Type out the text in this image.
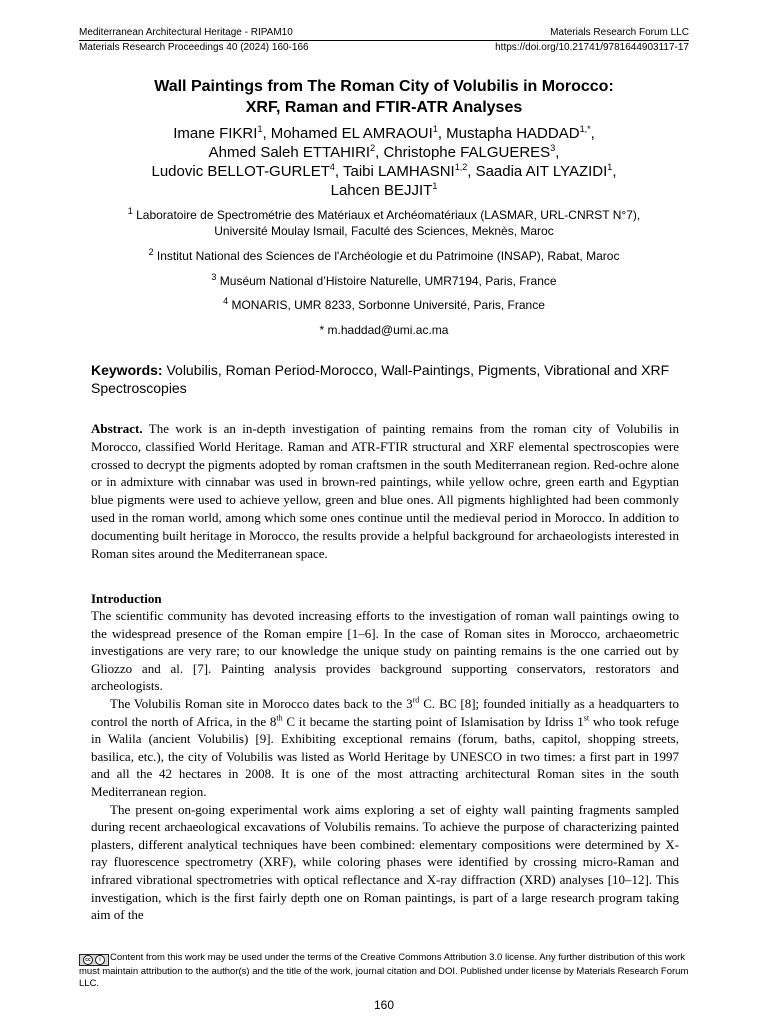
Mediterranean Architectural Heritage - RIPAM10	Materials Research Forum LLC
Materials Research Proceedings 40 (2024) 160-166	https://doi.org/10.21741/9781644903117-17
Wall Paintings from The Roman City of Volubilis in Morocco:
XRF, Raman and FTIR-ATR Analyses
Imane FIKRI$^1$, Mohamed EL AMRAOUI$^1$, Mustapha $HADDAD^{1,*}$,
Ahmed Saleh ETTAHIRI$^2$, Christophe FALGUERES$^3$,
Ludovic BELLOT-GURLET$^4$, Taibi LAMHASNI$^{1,2}$, Saadia AIT LYAZIDI$^1$,
Lahcen BEJJIT$^1$
$^1$ Laboratoire de Spectrométrie des Matériaux et Archéomatériaux (LASMAR, URL-CNRST N°7), Université Moulay Ismail, Faculté des Sciences, Meknès, Maroc
$^2$ Institut National des Sciences de l'Archéologie et du Patrimoine (INSAP), Rabat, Maroc
$^3$ Muséum National d’Histoire Naturelle, UMR7194, Paris, France
$^4$ MONARIS, UMR 8233, Sorbonne Université, Paris, France
* m.haddad@umi.ac.ma
Keywords: Volubilis, Roman Period-Morocco, Wall-Paintings, Pigments, Vibrational and XRF Spectroscopies
Abstract. The work is an in-depth investigation of painting remains from the roman city of Volubilis in Morocco, classified World Heritage. Raman and ATR-FTIR structural and XRF elemental spectroscopies were crossed to decrypt the pigments adopted by roman craftsmen in the south Mediterranean region. Red-ochre alone or in admixture with cinnabar was used in brown-red paintings, while yellow ochre, green earth and Egyptian blue pigments were used to achieve yellow, green and blue ones. All pigments highlighted had been commonly used in the roman world, among which some ones continue until the medieval period in Morocco. In addition to documenting built heritage in Morocco, the results provide a helpful background for archaeologists interested in Roman sites around the Mediterranean space.
Introduction

The scientific community has devoted increasing efforts to the investigation of roman wall paintings owing to the widespread presence of the Roman empire [1–6]. In the case of Roman sites in Morocco, archaeometric investigations are very rare; to our knowledge the unique study on painting remains is the one carried out by Gliozzo and al. [7]. Painting analysis provides background supporting conservators, restorators and archeologists.

The Volubilis Roman site in Morocco dates back to the 3rd C. BC [8]; founded initially as a headquarters to control the north of Africa, in the 8th C it became the starting point of Islamisation by Idriss 1st who took refuge in Walila (ancient Volubilis) [9]. Exhibiting exceptional remains (forum, baths, capitol, shopping streets, basilica, etc.), the city of Volubilis was listed as World Heritage by UNESCO in two times: a first part in 1997 and all the 42 hectares in 2008. It is one of the most attracting architectural Roman sites in the south Mediterranean region.

The present on-going experimental work aims exploring a set of eighty wall painting fragments sampled during recent archaeological excavations of Volubilis remains. To achieve the purpose of characterizing painted plasters, different analytical techniques have been combined: elementary compositions were determined by X-ray fluorescence spectrometry (XRF), while coloring phases were identified by crossing micro-Raman and infrared vibrational spectrometries with optical reflectance and X-ray diffraction (XRD) analyses [10–12]. This investigation, which is the first fairly depth one on Roman paintings, is part of a large research program taking aim of the

cc	i Content from this work may be used under the terms of the Creative Commons Attribution 3.0 license. Any further distribution of this work must maintain attribution to the author(s) and the title of the work, journal citation and DOI. Published under license by Materials Research Forum LLC.
160
